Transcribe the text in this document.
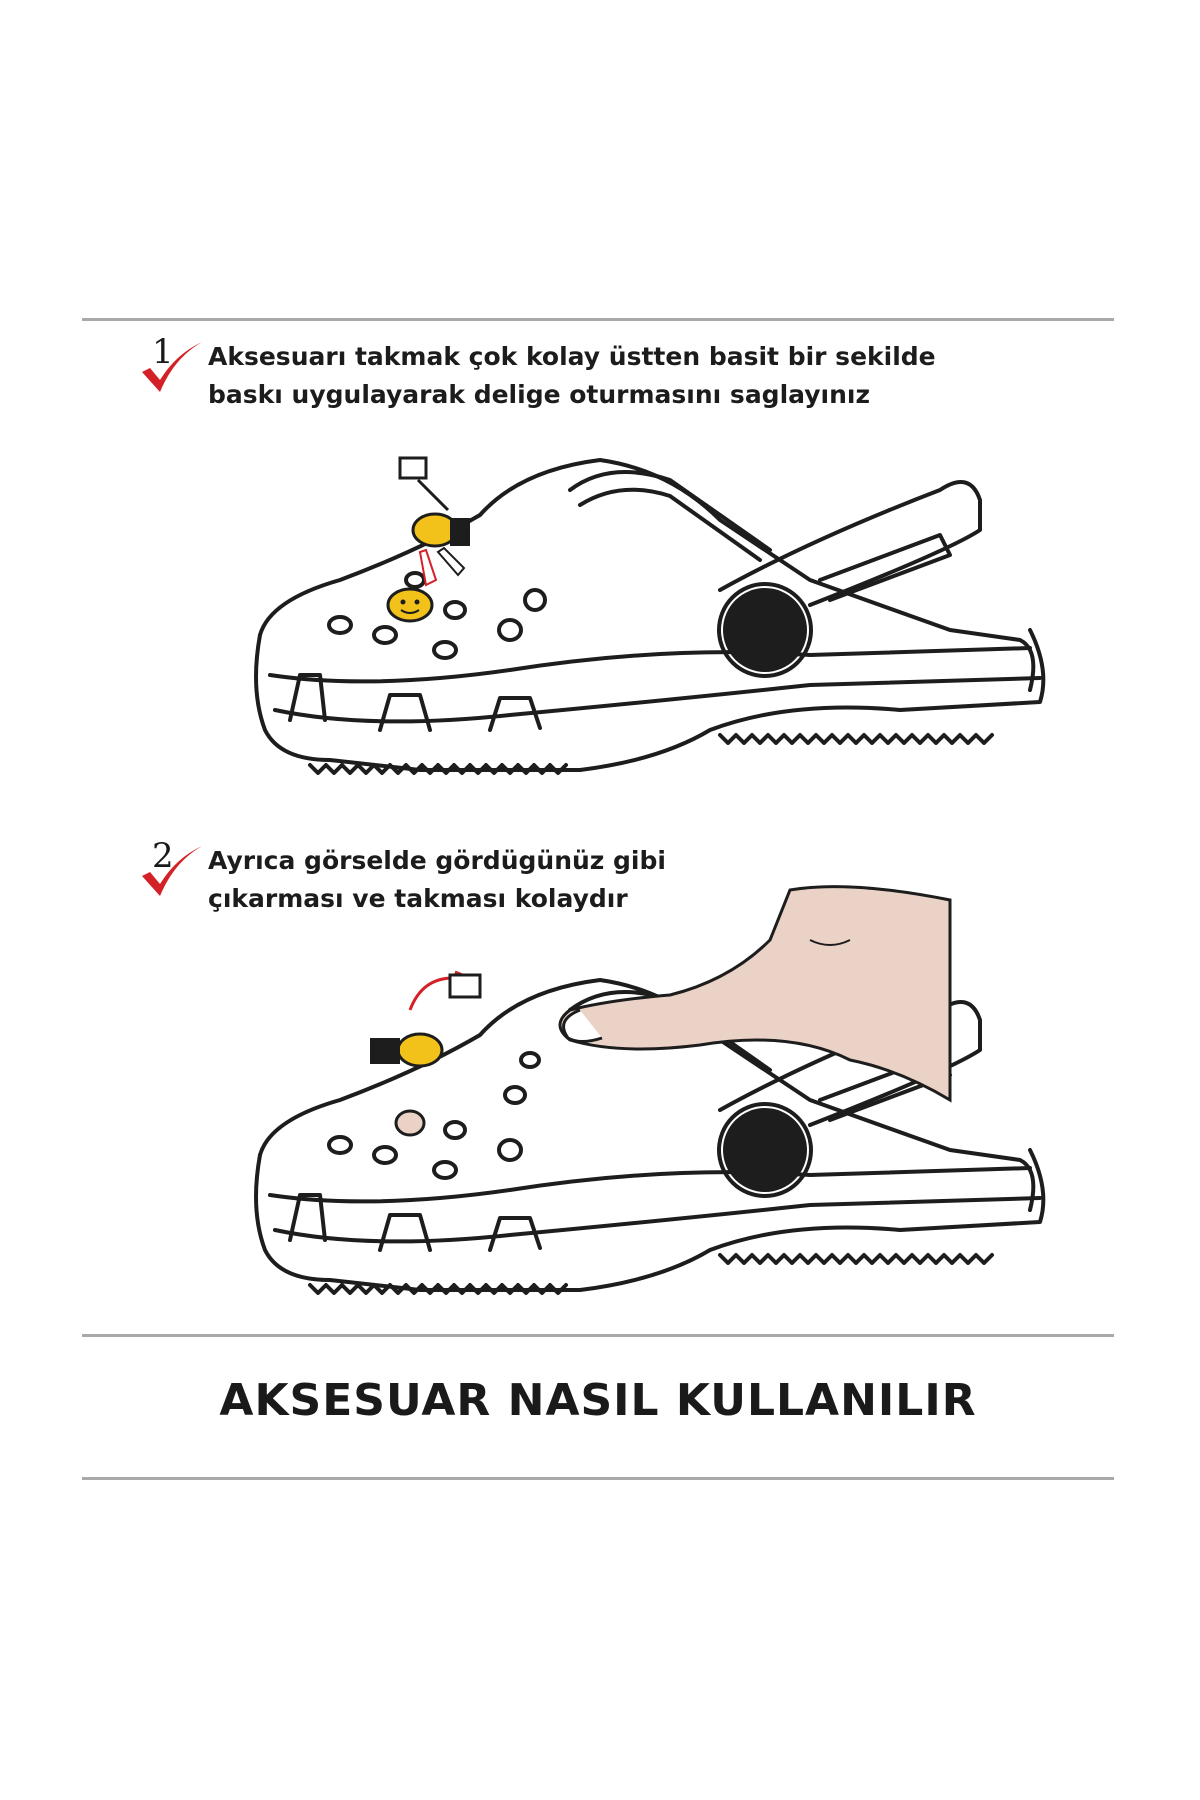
1 Aksesuarı takmak çok kolay üstten basit bir sekilde
baskı uygulayarak delige oturmasını saglayınız
2 Ayrıca görselde gördügünüz gibi
çıkarması ve takması kolaydır
AKSESUAR NASIL KULLANILIR
